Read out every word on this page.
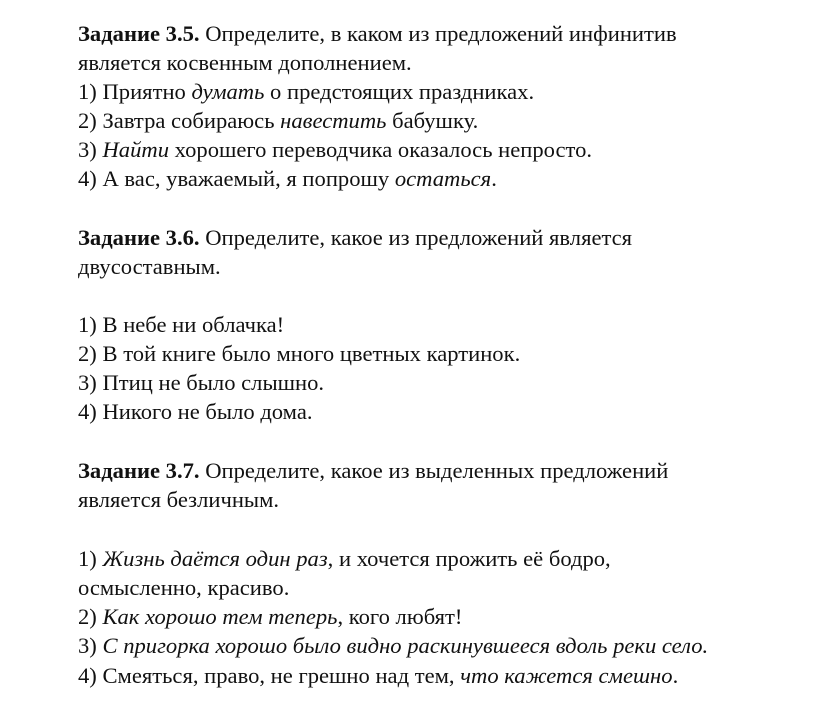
Задание 3.5. Определите, в каком из предложений инфинитив
является косвенным дополнением.
1) Приятно думать о предстоящих праздниках.
2) Завтра собираюсь навестить бабушку.
3) Найти хорошего переводчика оказалось непросто.
4) А вас, уважаемый, я попрошу остаться.
Задание 3.6. Определите, какое из предложений является
двусоставным.
1) В небе ни облачка!
2) В той книге было много цветных картинок.
3) Птиц не было слышно.
4) Никого не было дома.
Задание 3.7. Определите, какое из выделенных предложений
является безличным.
1) Жизнь даётся один раз, и хочется прожить её бодро,
осмысленно, красиво.
2) Как хорошо тем теперь, кого любят!
3) С пригорка хорошо было видно раскинувшееся вдоль реки село.
4) Смеяться, право, не грешно над тем, что кажется смешно.
